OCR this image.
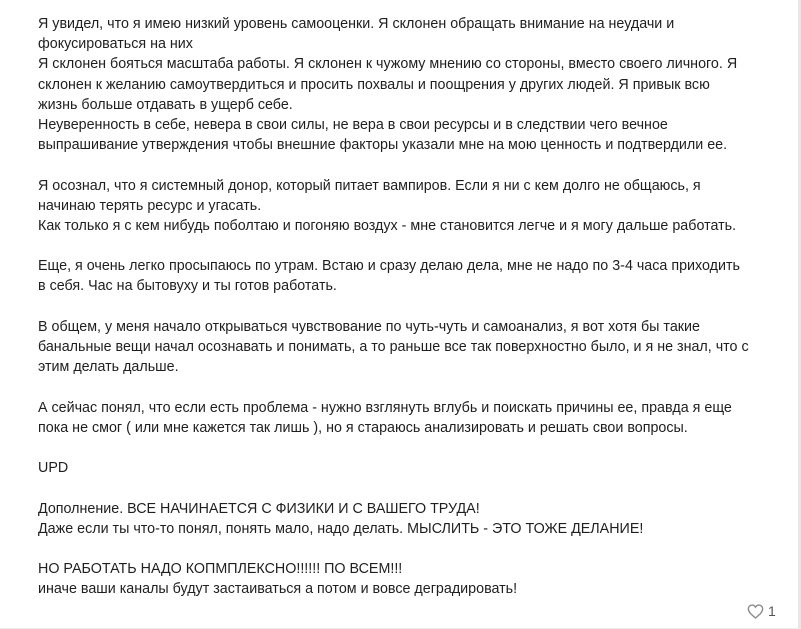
Я увидел, что я имею низкий уровень самооценки. Я склонен обращать внимание на неудачи и
фокусироваться на них
Я склонен бояться масштаба работы. Я склонен к чужому мнению со стороны, вместо своего личного. Я
склонен к желанию самоутвердиться и просить похвалы и поощрения у других людей. Я привык всю
жизнь больше отдавать в ущерб себе.
Неуверенность в себе, невера в свои силы, не вера в свои ресурсы и в следствии чего вечное
выпрашивание утверждения чтобы внешние факторы указали мне на мою ценность и подтвердили ее.
Я осознал, что я системный донор, который питает вампиров. Если я ни с кем долго не общаюсь, я
начинаю терять ресурс и угасать.
Как только я с кем нибудь поболтаю и погоняю воздух - мне становится легче и я могу дальше работать.
Еще, я очень легко просыпаюсь по утрам. Встаю и сразу делаю дела, мне не надо по 3-4 часа приходить
в себя. Час на бытовуху и ты готов работать.
В общем, у меня начало открываться чувствование по чуть-чуть и самоанализ, я вот хотя бы такие
банальные вещи начал осознавать и понимать, а то раньше все так поверхностно было, и я не знал, что с
этим делать дальше.
А сейчас понял, что если есть проблема - нужно взглянуть вглубь и поискать причины ее, правда я еще
пока не смог ( или мне кажется так лишь ), но я стараюсь анализировать и решать свои вопросы.
UPD
Дополнение. ВСЕ НАЧИНАЕТСЯ С ФИЗИКИ И С ВАШЕГО ТРУДА!
Даже если ты что-то понял, понять мало, надо делать. МЫСЛИТЬ - ЭТО ТОЖЕ ДЕЛАНИЕ!
НО РАБОТАТЬ НАДО КОПМПЛЕКСНО!!!!!! ПО ВСЕМ!!!
иначе ваши каналы будут застаиваться а потом и вовсе деградировать!
1
